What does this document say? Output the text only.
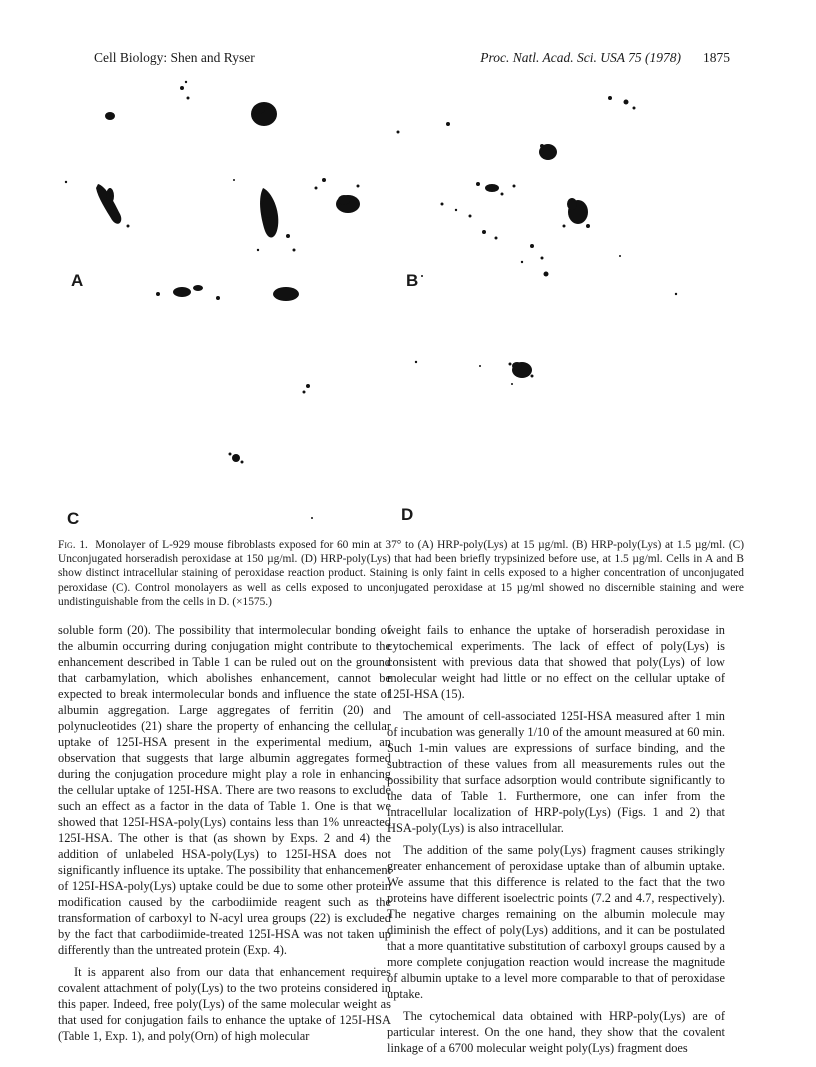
Cell Biology: Shen and Ryser	Proc. Natl. Acad. Sci. USA 75 (1978) 1875
A	B
C	D
Fig. 1. Monolayer of L-929 mouse fibroblasts exposed for 60 min at 37° to (A) HRP-poly(Lys) at 15 µg/ml. (B) HRP-poly(Lys) at 1.5 µg/ml. (C) Unconjugated horseradish peroxidase at 150 µg/ml. (D) HRP-poly(Lys) that had been briefly trypsinized before use, at 1.5 µg/ml. Cells in A and B show distinct intracellular staining of peroxidase reaction product. Staining is only faint in cells exposed to a higher concentration of unconjugated peroxidase (C). Control monolayers as well as cells exposed to unconjugated peroxidase at 15 µg/ml showed no discernible staining and were undistinguishable from the cells in D. (×1575.)

soluble form (20). The possibility that intermolecular bonding of the albumin occurring during conjugation might contribute to the enhancement described in Table 1 can be ruled out on the ground that carbamylation, which abolishes enhancement, cannot be expected to break intermolecular bonds and influence the state of albumin aggregation. Large aggregates of ferritin (20) and polynucleotides (21) share the property of enhancing the cellular uptake of 125I-HSA present in the experimental medium, an observation that suggests that large albumin aggregates formed during the conjugation procedure might play a role in enhancing the cellular uptake of 125I-HSA. There are two reasons to exclude such an effect as a factor in the data of Table 1. One is that we showed that 125I-HSA-poly(Lys) contains less than 1% unreacted 125I-HSA. The other is that (as shown by Exps. 2 and 4) the addition of unlabeled HSA-poly(Lys) to 125I-HSA does not significantly influence its uptake. The possibility that enhancement of 125I-HSA-poly(Lys) uptake could be due to some other protein modification caused by the carbodiimide reagent such as the transformation of carboxyl to N-acyl urea groups (22) is excluded by the fact that carbodiimide-treated 125I-HSA was not taken up differently than the untreated protein (Exp. 4).

It is apparent also from our data that enhancement requires covalent attachment of poly(Lys) to the two proteins considered in this paper. Indeed, free poly(Lys) of the same molecular weight as that used for conjugation fails to enhance the uptake of 125I-HSA (Table 1, Exp. 1), and poly(Orn) of high molecular

weight fails to enhance the uptake of horseradish peroxidase in cytochemical experiments. The lack of effect of poly(Lys) is consistent with previous data that showed that poly(Lys) of low molecular weight had little or no effect on the cellular uptake of 125I-HSA (15).

The amount of cell-associated 125I-HSA measured after 1 min of incubation was generally 1/10 of the amount measured at 60 min. Such 1-min values are expressions of surface binding, and the subtraction of these values from all measurements rules out the possibility that surface adsorption would contribute significantly to the data of Table 1. Furthermore, one can infer from the intracellular localization of HRP-poly(Lys) (Figs. 1 and 2) that HSA-poly(Lys) is also intracellular.

The addition of the same poly(Lys) fragment causes strikingly greater enhancement of peroxidase uptake than of albumin uptake. We assume that this difference is related to the fact that the two proteins have different isoelectric points (7.2 and 4.7, respectively). The negative charges remaining on the albumin molecule may diminish the effect of poly(Lys) additions, and it can be postulated that a more quantitative substitution of carboxyl groups caused by a more complete conjugation reaction would increase the magnitude of albumin uptake to a level more comparable to that of peroxidase uptake.

The cytochemical data obtained with HRP-poly(Lys) are of particular interest. On the one hand, they show that the covalent linkage of a 6700 molecular weight poly(Lys) fragment does
